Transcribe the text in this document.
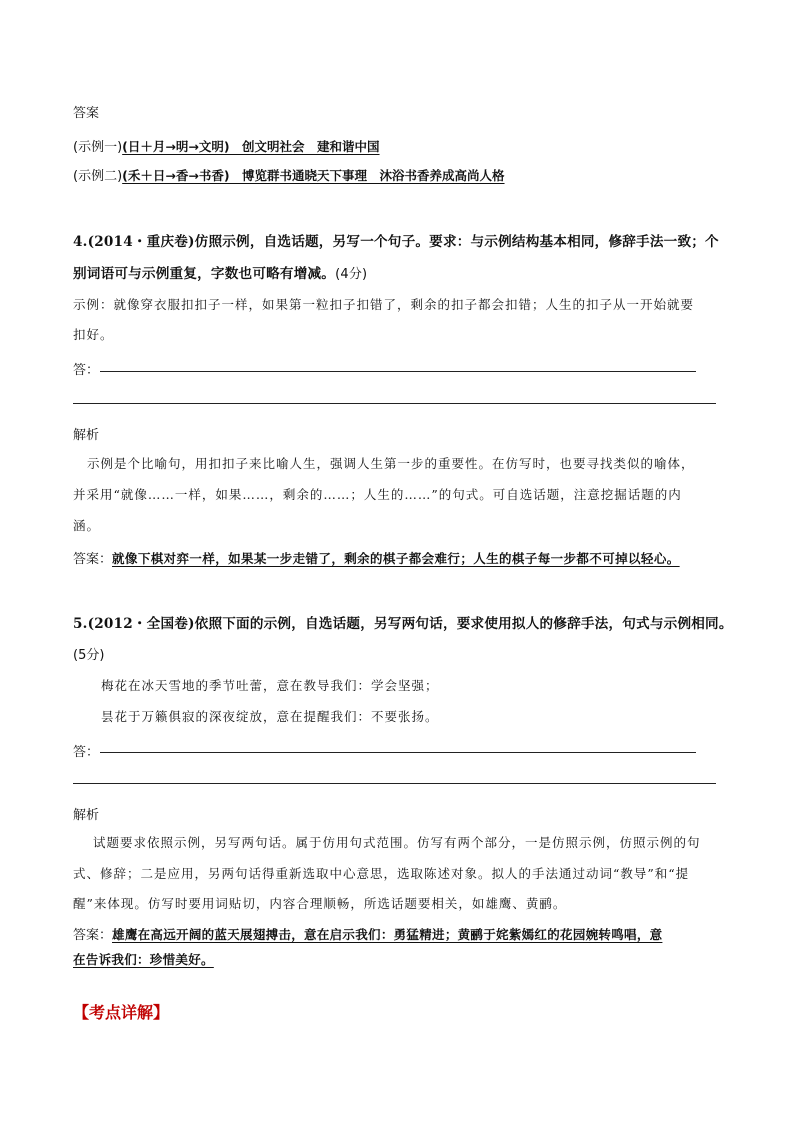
答案
(示例一)(日＋月→明→文明)　创文明社会　建和谐中国
(示例二)(禾＋日→香→书香)　博览群书通晓天下事理　沐浴书香养成高尚人格
4.(2014・重庆卷)仿照示例，自选话题，另写一个句子。要求：与示例结构基本相同，修辞手法一致；个
别词语可与示例重复，字数也可略有增减。(4分)
示例：就像穿衣服扣扣子一样，如果第一粒扣子扣错了，剩余的扣子都会扣错；人生的扣子从一开始就要
扣好。
答：
解析
示例是个比喻句，用扣扣子来比喻人生，强调人生第一步的重要性。在仿写时，也要寻找类似的喻体，
并采用“就像……一样，如果……，剩余的……；人生的……”的句式。可自选话题，注意挖掘话题的内
涵。
答案：就像下棋对弈一样，如果某一步走错了，剩余的棋子都会难行；人生的棋子每一步都不可掉以轻心。
5.(2012・全国卷)依照下面的示例，自选话题，另写两句话，要求使用拟人的修辞手法，句式与示例相同。
(5分)
梅花在冰天雪地的季节吐蕾，意在教导我们：学会坚强；
昙花于万籁俱寂的深夜绽放，意在提醒我们：不要张扬。
答：
解析
试题要求依照示例，另写两句话。属于仿用句式范围。仿写有两个部分，一是仿照示例，仿照示例的句
式、修辞；二是应用，另两句话得重新选取中心意思，选取陈述对象。拟人的手法通过动词“教导”和“提
醒”来体现。仿写时要用词贴切，内容合理顺畅，所选话题要相关，如雄鹰、黄鹂。
答案：雄鹰在高远开阔的蓝天展翅搏击，意在启示我们：勇猛精进；黄鹂于姹紫嫣红的花园婉转鸣唱，意
在告诉我们：珍惜美好。
【考点详解】
